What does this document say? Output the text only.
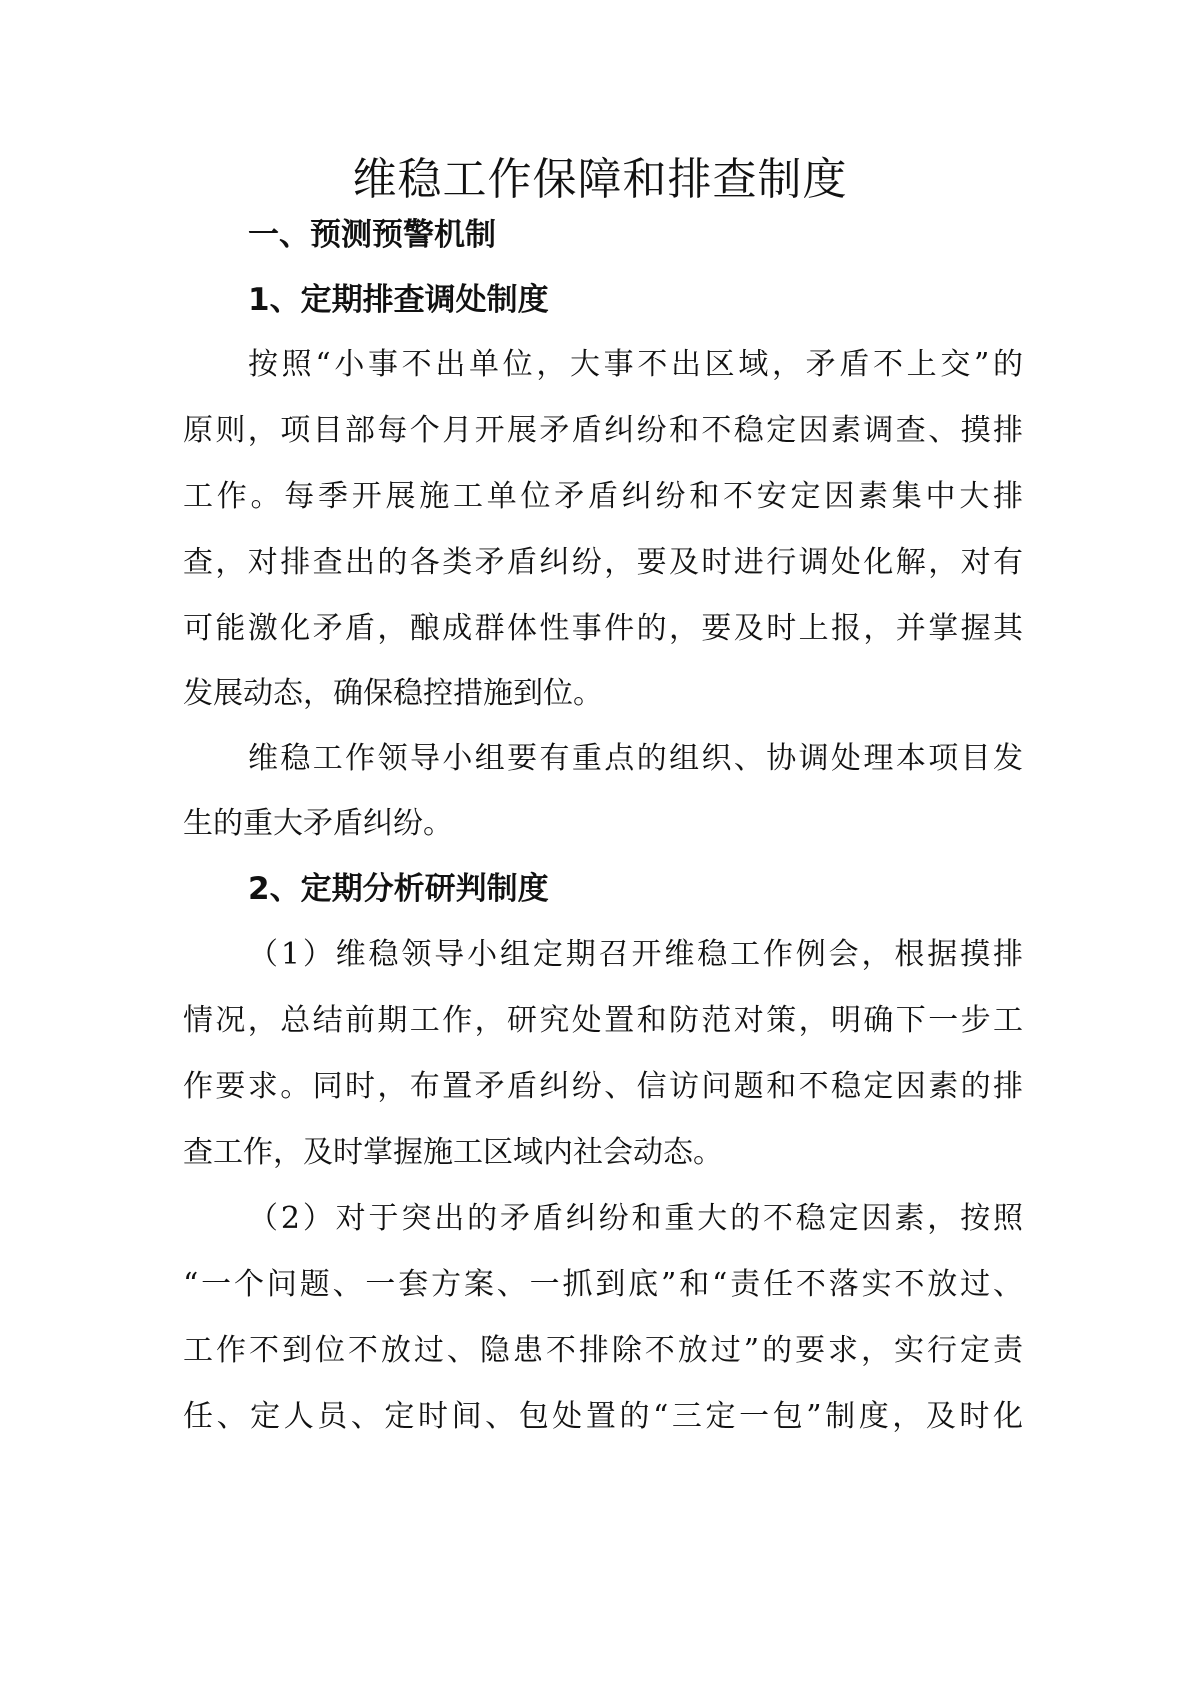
维稳工作保障和排查制度
一、预测预警机制
1、定期排查调处制度

按照“小事不出单位，大事不出区域，矛盾不上交”的

原则，项目部每个月开展矛盾纠纷和不稳定因素调查、摸排

工作。每季开展施工单位矛盾纠纷和不安定因素集中大排

查，对排查出的各类矛盾纠纷，要及时进行调处化解，对有

可能激化矛盾，酿成群体性事件的，要及时上报，并掌握其

发展动态，确保稳控措施到位。

维稳工作领导小组要有重点的组织、协调处理本项目发

生的重大矛盾纠纷。

2、定期分析研判制度

（1）维稳领导小组定期召开维稳工作例会，根据摸排

情况，总结前期工作，研究处置和防范对策，明确下一步工

作要求。同时，布置矛盾纠纷、信访问题和不稳定因素的排

查工作，及时掌握施工区域内社会动态。

（2）对于突出的矛盾纠纷和重大的不稳定因素，按照

“一个问题、一套方案、一抓到底”和“责任不落实不放过、

工作不到位不放过、隐患不排除不放过”的要求，实行定责

任、定人员、定时间、包处置的“三定一包”制度，及时化
